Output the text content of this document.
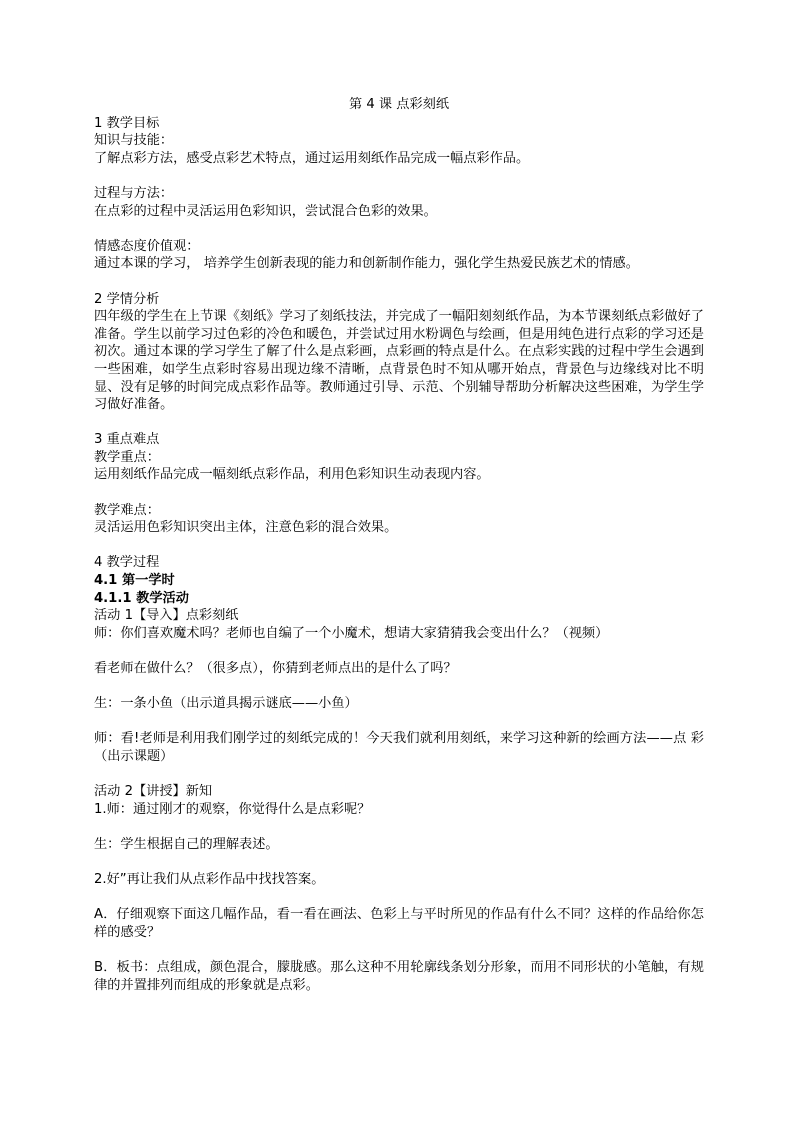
第 4 课 点彩刻纸
1 教学目标
知识与技能：
了解点彩方法，感受点彩艺术特点，通过运用刻纸作品完成一幅点彩作品。
过程与方法：
在点彩的过程中灵活运用色彩知识，尝试混合色彩的效果。
情感态度价值观：
通过本课的学习， 培养学生创新表现的能力和创新制作能力，强化学生热爱民族艺术的情感。
2 学情分析
四年级的学生在上节课《刻纸》学习了刻纸技法，并完成了一幅阳刻刻纸作品，为本节课刻纸点彩做好了准备。学生以前学习过色彩的冷色和暖色，并尝试过用水粉调色与绘画，但是用纯色进行点彩的学习还是初次。通过本课的学习学生了解了什么是点彩画，点彩画的特点是什么。在点彩实践的过程中学生会遇到一些困难，如学生点彩时容易出现边缘不清晰，点背景色时不知从哪开始点，背景色与边缘线对比不明显、没有足够的时间完成点彩作品等。教师通过引导、示范、个别辅导帮助分析解决这些困难，为学生学习做好准备。
3 重点难点
教学重点：
运用刻纸作品完成一幅刻纸点彩作品，利用色彩知识生动表现内容。
教学难点：
灵活运用色彩知识突出主体，注意色彩的混合效果。
4 教学过程
4.1 第一学时
4.1.1 教学活动
活动 1【导入】点彩刻纸
师：你们喜欢魔术吗？老师也自编了一个小魔术，想请大家猜猜我会变出什么？（视频）
看老师在做什么？（很多点），你猜到老师点出的是什么了吗？
生：一条小鱼（出示道具揭示谜底——小鱼）
师：看!老师是利用我们刚学过的刻纸完成的！今天我们就利用刻纸，来学习这种新的绘画方法——点 彩（出示课题）
活动 2【讲授】新知
1.师：通过刚才的观察，你觉得什么是点彩呢？
生：学生根据自己的理解表述。
2.好”再让我们从点彩作品中找找答案。
A．仔细观察下面这几幅作品，看一看在画法、色彩上与平时所见的作品有什么不同？这样的作品给你怎样的感受？
B．板书：点组成，颜色混合，朦胧感。那么这种不用轮廓线条划分形象，而用不同形状的小笔触，有规律的并置排列而组成的形象就是点彩。
